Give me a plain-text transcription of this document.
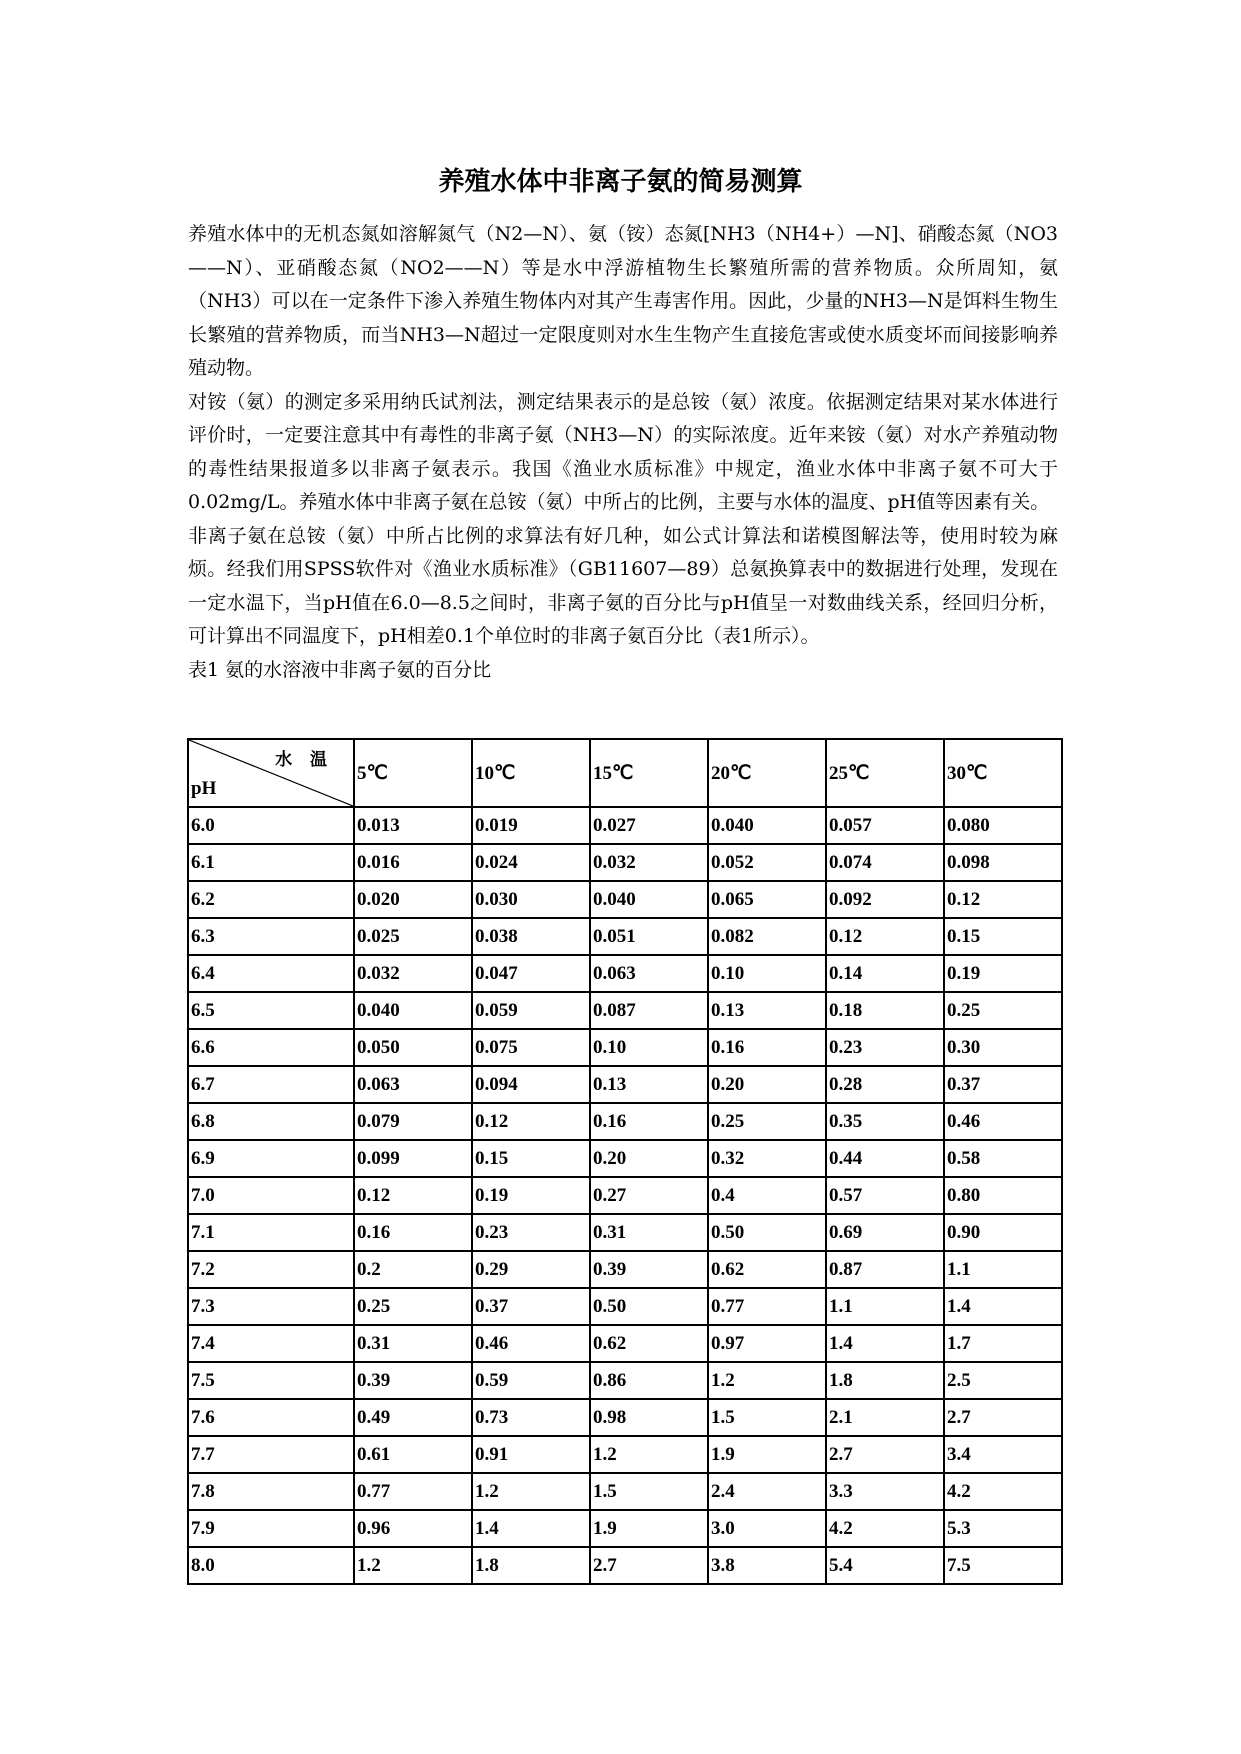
养殖水体中非离子氨的简易测算

养殖水体中的无机态氮如溶解氮气（N2—N）、氨（铵）态氮[NH3（NH4+）—N]、硝酸态氮（NO3——N）、亚硝酸态氮（NO2——N）等是水中浮游植物生长繁殖所需的营养物质。众所周知，氨（NH3）可以在一定条件下渗入养殖生物体内对其产生毒害作用。因此，少量的NH3—N是饵料生物生长繁殖的营养物质，而当NH3—N超过一定限度则对水生生物产生直接危害或使水质变坏而间接影响养殖动物。

对铵（氨）的测定多采用纳氏试剂法，测定结果表示的是总铵（氨）浓度。依据测定结果对某水体进行评价时，一定要注意其中有毒性的非离子氨（NH3—N）的实际浓度。近年来铵（氨）对水产养殖动物的毒性结果报道多以非离子氨表示。我国《渔业水质标准》中规定，渔业水体中非离子氨不可大于0.02mg/L。养殖水体中非离子氨在总铵（氨）中所占的比例，主要与水体的温度、pH值等因素有关。

非离子氨在总铵（氨）中所占比例的求算法有好几种，如公式计算法和诺模图解法等，使用时较为麻烦。经我们用SPSS软件对《渔业水质标准》（GB11607—89）总氨换算表中的数据进行处理，发现在一定水温下，当pH值在6.0—8.5之间时，非离子氨的百分比与pH值呈一对数曲线关系，经回归分析，可计算出不同温度下，pH相差0.1个单位时的非离子氨百分比（表1所示）。

表1 氨的水溶液中非离子氨的百分比

水 温
pH	5℃	10℃	15℃	20℃	25℃	30℃
6.0	0.013	0.019	0.027	0.040	0.057	0.080
6.1	0.016	0.024	0.032	0.052	0.074	0.098
6.2	0.020	0.030	0.040	0.065	0.092	0.12
6.3	0.025	0.038	0.051	0.082	0.12	0.15
6.4	0.032	0.047	0.063	0.10	0.14	0.19
6.5	0.040	0.059	0.087	0.13	0.18	0.25
6.6	0.050	0.075	0.10	0.16	0.23	0.30
6.7	0.063	0.094	0.13	0.20	0.28	0.37
6.8	0.079	0.12	0.16	0.25	0.35	0.46
6.9	0.099	0.15	0.20	0.32	0.44	0.58
7.0	0.12	0.19	0.27	0.4	0.57	0.80
7.1	0.16	0.23	0.31	0.50	0.69	0.90
7.2	0.2	0.29	0.39	0.62	0.87	1.1
7.3	0.25	0.37	0.50	0.77	1.1	1.4
7.4	0.31	0.46	0.62	0.97	1.4	1.7
7.5	0.39	0.59	0.86	1.2	1.8	2.5
7.6	0.49	0.73	0.98	1.5	2.1	2.7
7.7	0.61	0.91	1.2	1.9	2.7	3.4
7.8	0.77	1.2	1.5	2.4	3.3	4.2
7.9	0.96	1.4	1.9	3.0	4.2	5.3
8.0	1.2	1.8	2.7	3.8	5.4	7.5
